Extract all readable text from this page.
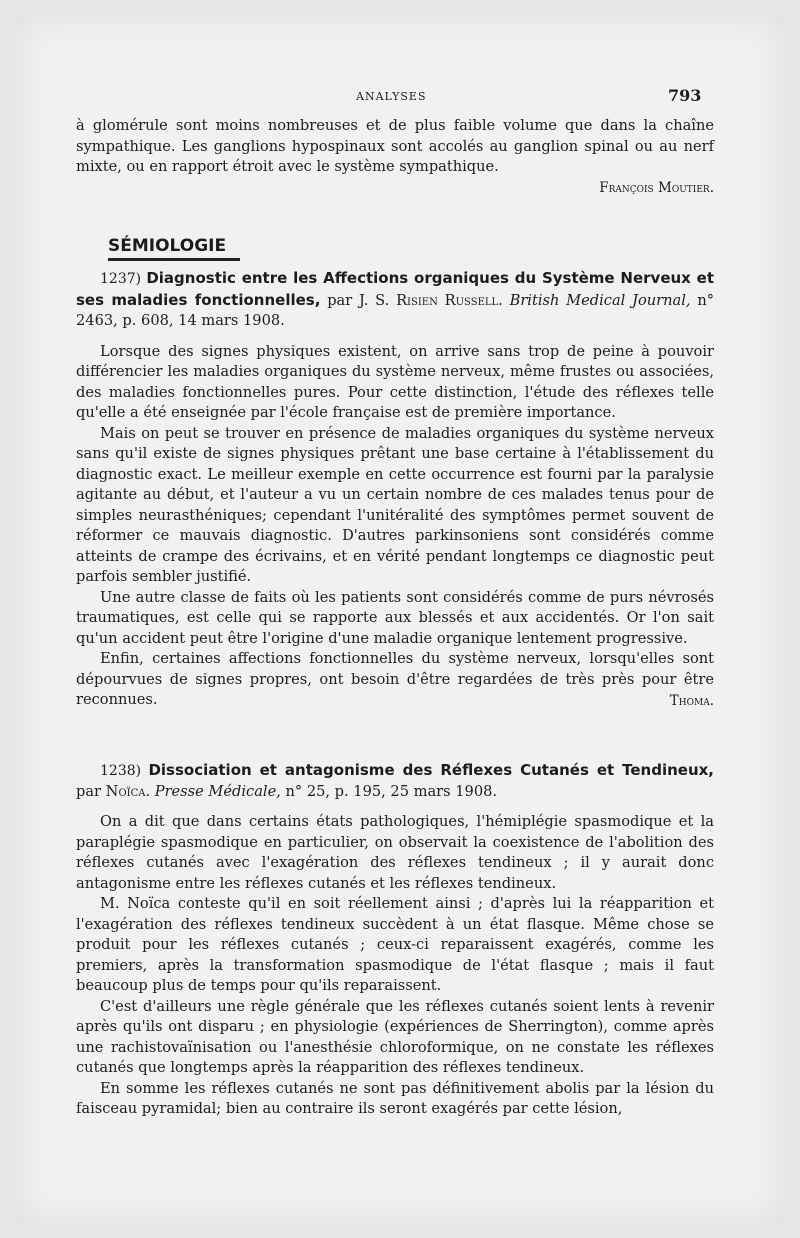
ANALYSES	793

à glomérule sont moins nombreuses et de plus faible volume que dans la chaîne sympathique. Les ganglions hypospinaux sont accolés au ganglion spinal ou au nerf mixte, ou en rapport étroit avec le système sympathique.

François Moutier.
SÉMIOLOGIE

1237) Diagnostic entre les Affections organiques du Système Nerveux et ses maladies fonctionnelles, par J. S. Risien Russell. British Medical Journal, n° 2463, p. 608, 14 mars 1908.

Lorsque des signes physiques existent, on arrive sans trop de peine à pouvoir différencier les maladies organiques du système nerveux, même frustes ou associées, des maladies fonctionnelles pures. Pour cette distinction, l'étude des réflexes telle qu'elle a été enseignée par l'école française est de première importance.

Mais on peut se trouver en présence de maladies organiques du système nerveux sans qu'il existe de signes physiques prêtant une base certaine à l'établissement du diagnostic exact. Le meilleur exemple en cette occurrence est fourni par la paralysie agitante au début, et l'auteur a vu un certain nombre de ces malades tenus pour de simples neurasthéniques; cependant l'unitéralité des symptômes permet souvent de réformer ce mauvais diagnostic. D'autres parkinsoniens sont considérés comme atteints de crampe des écrivains, et en vérité pendant longtemps ce diagnostic peut parfois sembler justifié.

Une autre classe de faits où les patients sont considérés comme de purs névrosés traumatiques, est celle qui se rapporte aux blessés et aux accidentés. Or l'on sait qu'un accident peut être l'origine d'une maladie organique lentement progressive.

Enfin, certaines affections fonctionnelles du système nerveux, lorsqu'elles sont dépourvues de signes propres, ont besoin d'être regardées de très près pour être reconnues.	Thoma.

1238) Dissociation et antagonisme des Réflexes Cutanés et Tendineux, par Noïca. Presse Médicale, n° 25, p. 195, 25 mars 1908.

On a dit que dans certains états pathologiques, l'hémiplégie spasmodique et la paraplégie spasmodique en particulier, on observait la coexistence de l'abolition des réflexes cutanés avec l'exagération des réflexes tendineux ; il y aurait donc antagonisme entre les réflexes cutanés et les réflexes tendineux.

M. Noïca conteste qu'il en soit réellement ainsi ; d'après lui la réapparition et l'exagération des réflexes tendineux succèdent à un état flasque. Même chose se produit pour les réflexes cutanés ; ceux-ci reparaissent exagérés, comme les premiers, après la transformation spasmodique de l'état flasque ; mais il faut beaucoup plus de temps pour qu'ils reparaissent.

C'est d'ailleurs une règle générale que les réflexes cutanés soient lents à revenir après qu'ils ont disparu ; en physiologie (expériences de Sherrington), comme après une rachistovaïnisation ou l'anesthésie chloroformique, on ne constate les réflexes cutanés que longtemps après la réapparition des réflexes tendineux.

En somme les réflexes cutanés ne sont pas définitivement abolis par la lésion du faisceau pyramidal; bien au contraire ils seront exagérés par cette lésion,
